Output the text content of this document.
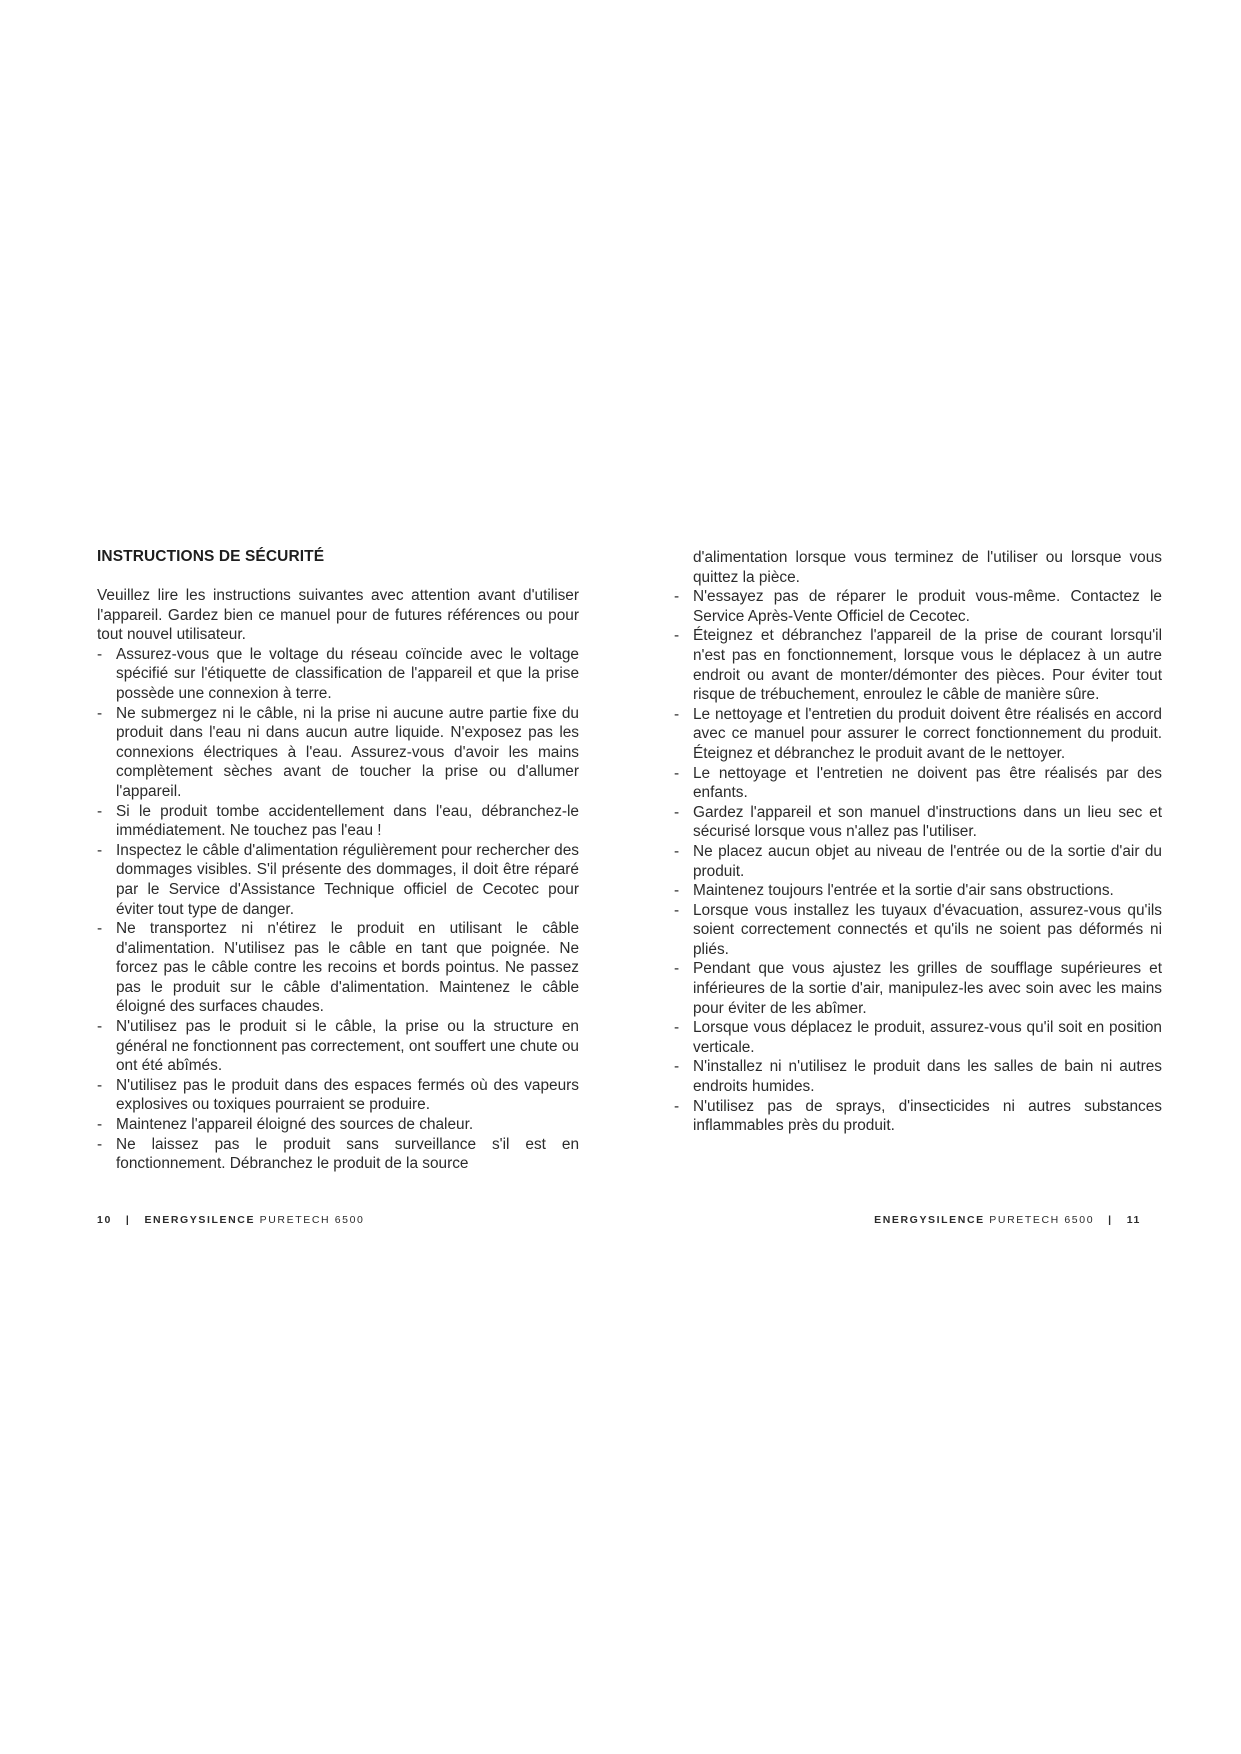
INSTRUCTIONS DE SÉCURITÉ

Veuillez lire les instructions suivantes avec attention avant d'utiliser l'appareil. Gardez bien ce manuel pour de futures références ou pour tout nouvel utilisateur.

- Assurez-vous que le voltage du réseau coïncide avec le voltage spécifié sur l'étiquette de classification de l'appareil et que la prise possède une connexion à terre.
- Ne submergez ni le câble, ni la prise ni aucune autre partie fixe du produit dans l'eau ni dans aucun autre liquide. N'exposez pas les connexions électriques à l'eau. Assurez-vous d'avoir les mains complètement sèches avant de toucher la prise ou d'allumer l'appareil.
- Si le produit tombe accidentellement dans l'eau, débranchez-le immédiatement. Ne touchez pas l'eau !
- Inspectez le câble d'alimentation régulièrement pour rechercher des dommages visibles. S'il présente des dommages, il doit être réparé par le Service d'Assistance Technique officiel de Cecotec pour éviter tout type de danger.
- Ne transportez ni n'étirez le produit en utilisant le câble d'alimentation. N'utilisez pas le câble en tant que poignée. Ne forcez pas le câble contre les recoins et bords pointus. Ne passez pas le produit sur le câble d'alimentation. Maintenez le câble éloigné des surfaces chaudes.
- N'utilisez pas le produit si le câble, la prise ou la structure en général ne fonctionnent pas correctement, ont souffert une chute ou ont été abîmés.
- N'utilisez pas le produit dans des espaces fermés où des vapeurs explosives ou toxiques pourraient se produire.
- Maintenez l'appareil éloigné des sources de chaleur.
- Ne laissez pas le produit sans surveillance s'il est en fonctionnement. Débranchez le produit de la source

d'alimentation lorsque vous terminez de l'utiliser ou lorsque vous quittez la pièce.

- N'essayez pas de réparer le produit vous-même. Contactez le Service Après-Vente Officiel de Cecotec.
- Éteignez et débranchez l'appareil de la prise de courant lorsqu'il n'est pas en fonctionnement, lorsque vous le déplacez à un autre endroit ou avant de monter/démonter des pièces. Pour éviter tout risque de trébuchement, enroulez le câble de manière sûre.
- Le nettoyage et l'entretien du produit doivent être réalisés en accord avec ce manuel pour assurer le correct fonctionnement du produit. Éteignez et débranchez le produit avant de le nettoyer.
- Le nettoyage et l'entretien ne doivent pas être réalisés par des enfants.
- Gardez l'appareil et son manuel d'instructions dans un lieu sec et sécurisé lorsque vous n'allez pas l'utiliser.
- Ne placez aucun objet au niveau de l'entrée ou de la sortie d'air du produit.
- Maintenez toujours l'entrée et la sortie d'air sans obstructions.
- Lorsque vous installez les tuyaux d'évacuation, assurez-vous qu'ils soient correctement connectés et qu'ils ne soient pas déformés ni pliés.
- Pendant que vous ajustez les grilles de soufflage supérieures et inférieures de la sortie d'air, manipulez-les avec soin avec les mains pour éviter de les abîmer.
- Lorsque vous déplacez le produit, assurez-vous qu'il soit en position verticale.
- N'installez ni n'utilisez le produit dans les salles de bain ni autres endroits humides.
- N'utilisez pas de sprays, d'insecticides ni autres substances inflammables près du produit.
10 | ENERGYSILENCE PURETECH 6500	ENERGYSILENCE PURETECH 6500 | 11
